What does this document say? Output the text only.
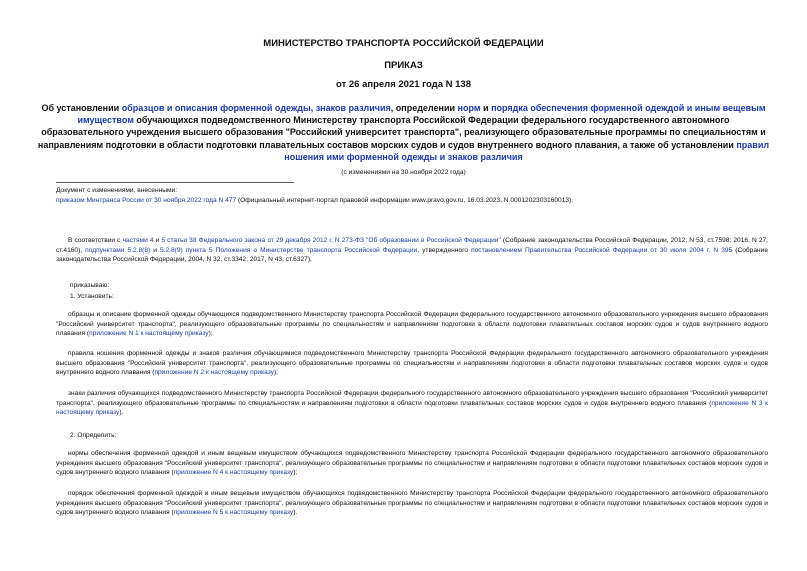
МИНИСТЕРСТВО ТРАНСПОРТА РОССИЙСКОЙ ФЕДЕРАЦИИ
ПРИКАЗ
от 26 апреля 2021 года N 138
Об установлении образцов и описания форменной одежды, знаков различия, определении норм и порядка обеспечения форменной одеждой и иным вещевым имуществом обучающихся подведомственного Министерству транспорта Российской Федерации федерального государственного автономного образовательного учреждения высшего образования "Российский университет транспорта", реализующего образовательные программы по специальностям и направлениям подготовки в области подготовки плавательных составов морских судов и судов внутреннего водного плавания, а также об установлении правил ношения ими форменной одежды и знаков различия
(с изменениями на 30 ноября 2022 года)
Документ с изменениями, внесенными:
приказом Минтранса России от 30 ноября 2022 года N 477 (Официальный интернет-портал правовой информации www.pravo.gov.ru, 16.03.2023, N 0001202303160013).
В соответствии с частями 4 и 5 статьи 38 Федерального закона от 29 декабря 2012 г. N 273-ФЗ "Об образовании в Российской Федерации" (Собрание законодательства Российской Федерации, 2012, N 53, ст.7598; 2016, N 27, ст.4160), подпунктами 5.2.8(8) и 5.2.8(9) пункта 5 Положения о Министерстве транспорта Российской Федерации, утвержденного постановлением Правительства Российской Федерации от 30 июля 2004 г. N 395 (Собрание законодательства Российской Федерации, 2004, N 32, ст.3342; 2017, N 43, ст.6327),
приказываю:
1. Установить:
образцы и описание форменной одежды обучающихся подведомственного Министерству транспорта Российской Федерации федерального государственного автономного образовательного учреждения высшего образования "Российский университет транспорта", реализующего образовательные программы по специальностям и направлениям подготовки в области подготовки плавательных составов морских судов и судов внутреннего водного плавания (приложение N 1 к настоящему приказу);
правила ношения форменной одежды и знаков различия обучающимися подведомственного Министерству транспорта Российской Федерации федерального государственного автономного образовательного учреждения высшего образования "Российский университет транспорта", реализующего образовательные программы по специальностям и направлениям подготовки в области подготовки плавательных составов морских судов и судов внутреннего водного плавания (приложение N 2 к настоящему приказу);
знаки различия обучающихся подведомственного Министерству транспорта Российской Федерации федерального государственного автономного образовательного учреждения высшего образования "Российский университет транспорта", реализующего образовательные программы по специальностям и направлениям подготовки в области подготовки плавательных составов морских судов и судов внутреннего водного плавания (приложение N 3 к настоящему приказу).
2. Определить:
нормы обеспечения форменной одеждой и иным вещевым имуществом обучающихся подведомственного Министерству транспорта Российской Федерации федерального государственного автономного образовательного учреждения высшего образования "Российский университет транспорта", реализующего образовательные программы по специальностям и направлениям подготовки в области подготовки плавательных составов морских судов и судов внутреннего водного плавания (приложение N 4 к настоящему приказу);
порядок обеспечения форменной одеждой и иным вещевым имуществом обучающихся подведомственного Министерству транспорта Российской Федерации федерального государственного автономного образовательного учреждения высшего образования "Российский университет транспорта", реализующего образовательные программы по специальностям и направлениям подготовки в области подготовки плавательных составов морских судов и судов внутреннего водного плавания (приложение N 5 к настоящему приказу).
